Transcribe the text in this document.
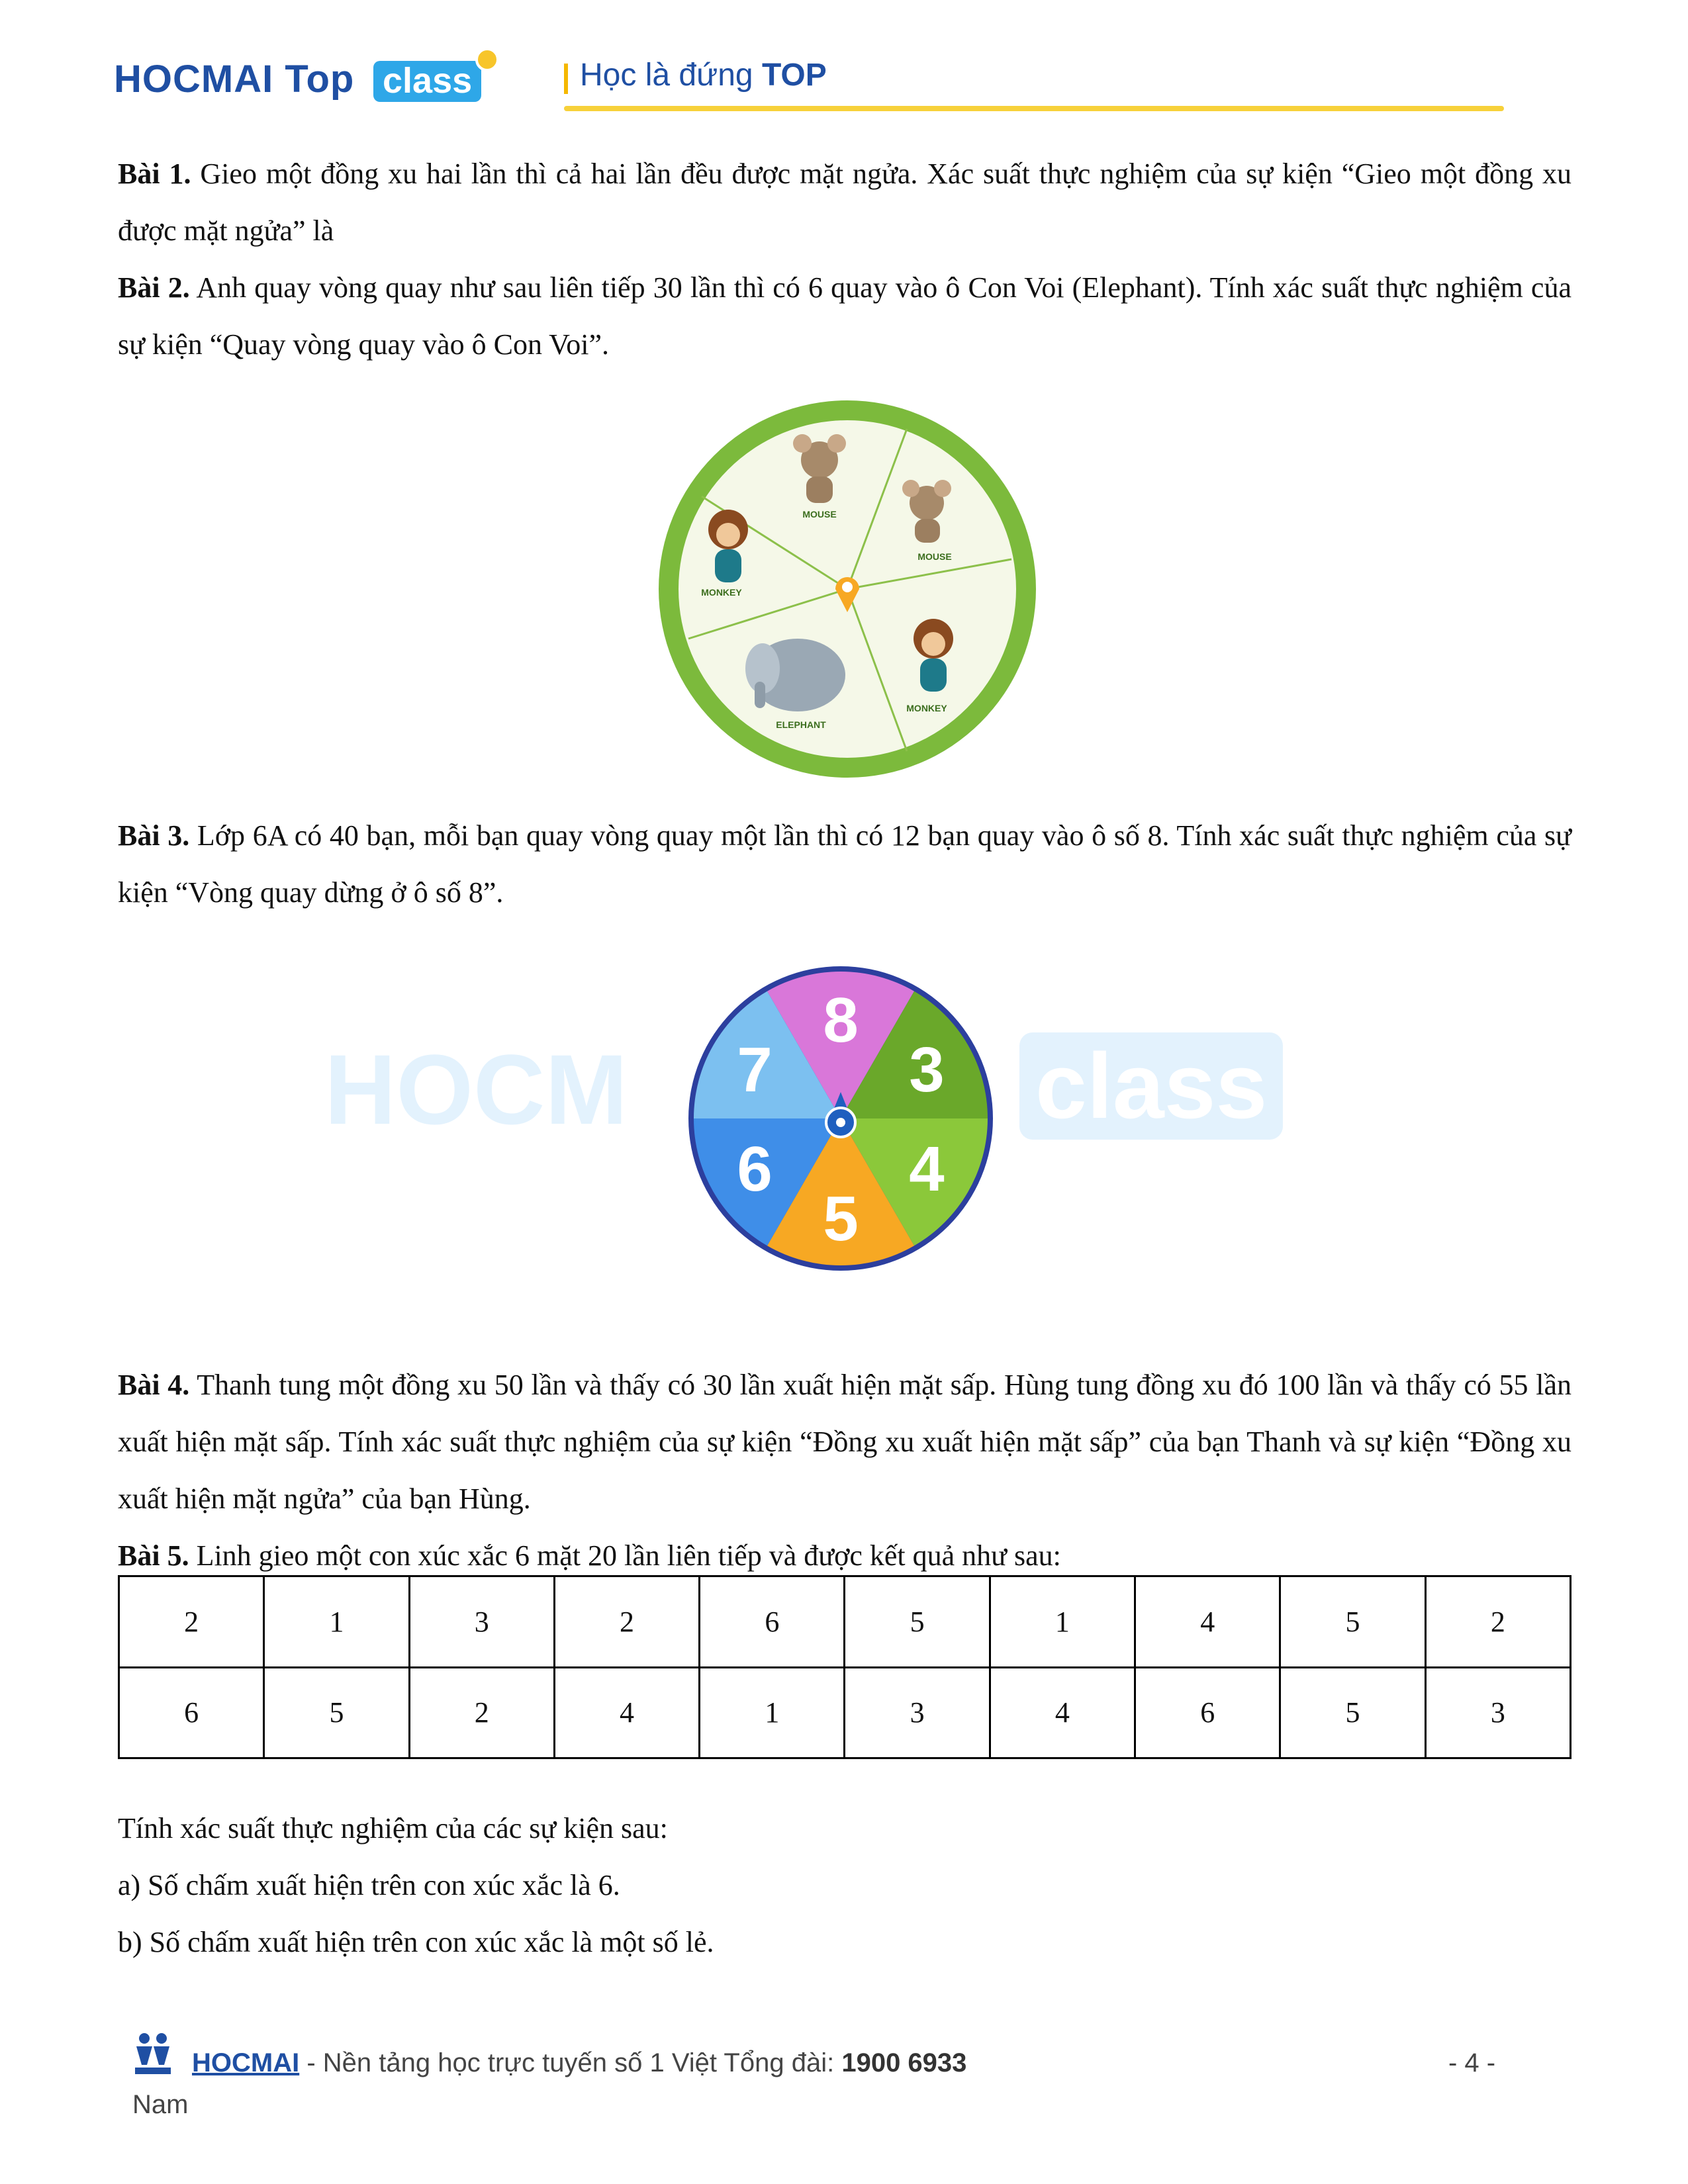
HOCMAI Top class	Học là đứng TOP

Bài 1. Gieo một đồng xu hai lần thì cả hai lần đều được mặt ngửa. Xác suất thực nghiệm của sự kiện “Gieo một đồng xu được mặt ngửa” là

Bài 2. Anh quay vòng quay như sau liên tiếp 30 lần thì có 6 quay vào ô Con Voi (Elephant). Tính xác suất thực nghiệm của sự kiện “Quay vòng quay vào ô Con Voi”.

MOUSE
MOUSE
MONKEY
ELEPHANT
MONKEY

Bài 3. Lớp 6A có 40 bạn, mỗi bạn quay vòng quay một lần thì có 12 bạn quay vào ô số 8. Tính xác suất thực nghiệm của sự kiện “Vòng quay dừng ở ô số 8”.

HOCM	class
8
3
4
5
6
7

Bài 4. Thanh tung một đồng xu 50 lần và thấy có 30 lần xuất hiện mặt sấp. Hùng tung đồng xu đó 100 lần và thấy có 55 lần xuất hiện mặt sấp. Tính xác suất thực nghiệm của sự kiện “Đồng xu xuất hiện mặt sấp” của bạn Thanh và sự kiện “Đồng xu xuất hiện mặt ngửa” của bạn Hùng.

Bài 5. Linh gieo một con xúc xắc 6 mặt 20 lần liên tiếp và được kết quả như sau:

2	1	3	2	6	5	1	4	5	2
6	5	2	4	1	3	4	6	5	3

Tính xác suất thực nghiệm của các sự kiện sau:

a) Số chấm xuất hiện trên con xúc xắc là 6.

b) Số chấm xuất hiện trên con xúc xắc là một số lẻ.

HOCMAI - Nền tảng học trực tuyến số 1 Việt Tổng đài: 1900 6933	- 4 -
Nam
